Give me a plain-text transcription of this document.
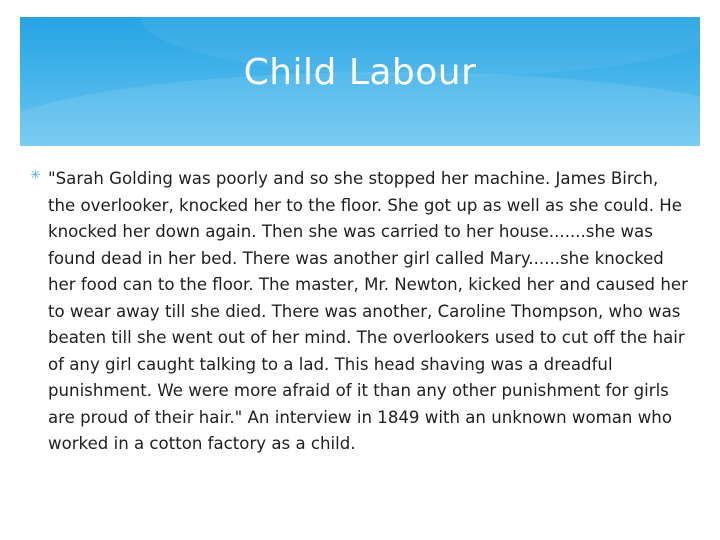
Child Labour
✳ "Sarah Golding was poorly and so she stopped her machine. James Birch, the overlooker, knocked her to the floor. She got up as well as she could. He knocked her down again. Then she was carried to her house.......she was found dead in her bed. There was another girl called Mary......she knocked her food can to the floor. The master, Mr. Newton, kicked her and caused her to wear away till she died. There was another, Caroline Thompson, who was beaten till she went out of her mind. The overlookers used to cut off the hair of any girl caught talking to a lad. This head shaving was a dreadful punishment. We were more afraid of it than any other punishment for girls are proud of their hair." An interview in 1849 with an unknown woman who worked in a cotton factory as a child.
